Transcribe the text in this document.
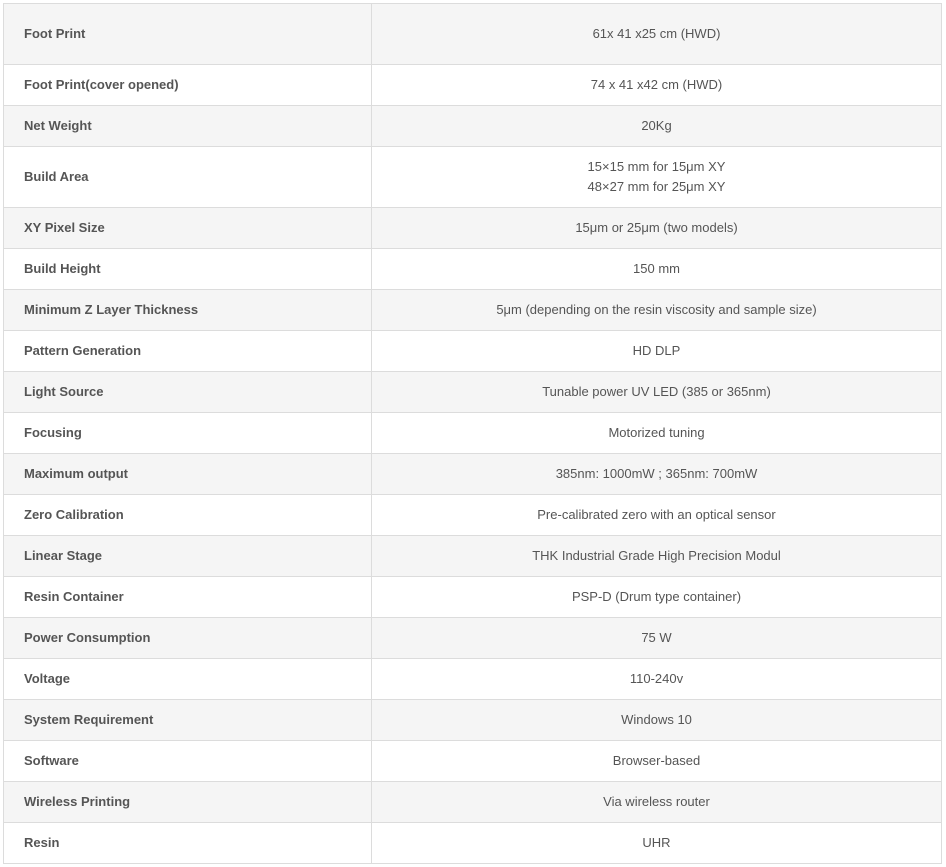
Foot Print	61x 41 x25 cm (HWD)

Foot Print(cover opened)	74 x 41 x42 cm (HWD)

Net Weight	20Kg

Build Area	15×15 mm for 15μm XY
48×27 mm for 25μm XY

XY Pixel Size	15μm or 25μm (two models)

Build Height	150 mm

Minimum Z Layer Thickness	5μm (depending on the resin viscosity and sample size)

Pattern Generation	HD DLP

Light Source	Tunable power UV LED (385 or 365nm)

Focusing	Motorized tuning

Maximum output	385nm: 1000mW ; 365nm: 700mW

Zero Calibration	Pre-calibrated zero with an optical sensor

Linear Stage	THK Industrial Grade High Precision Modul

Resin Container	PSP-D (Drum type container)

Power Consumption	75 W

Voltage	110-240v

System Requirement	Windows 10

Software	Browser-based

Wireless Printing	Via wireless router

Resin	UHR
